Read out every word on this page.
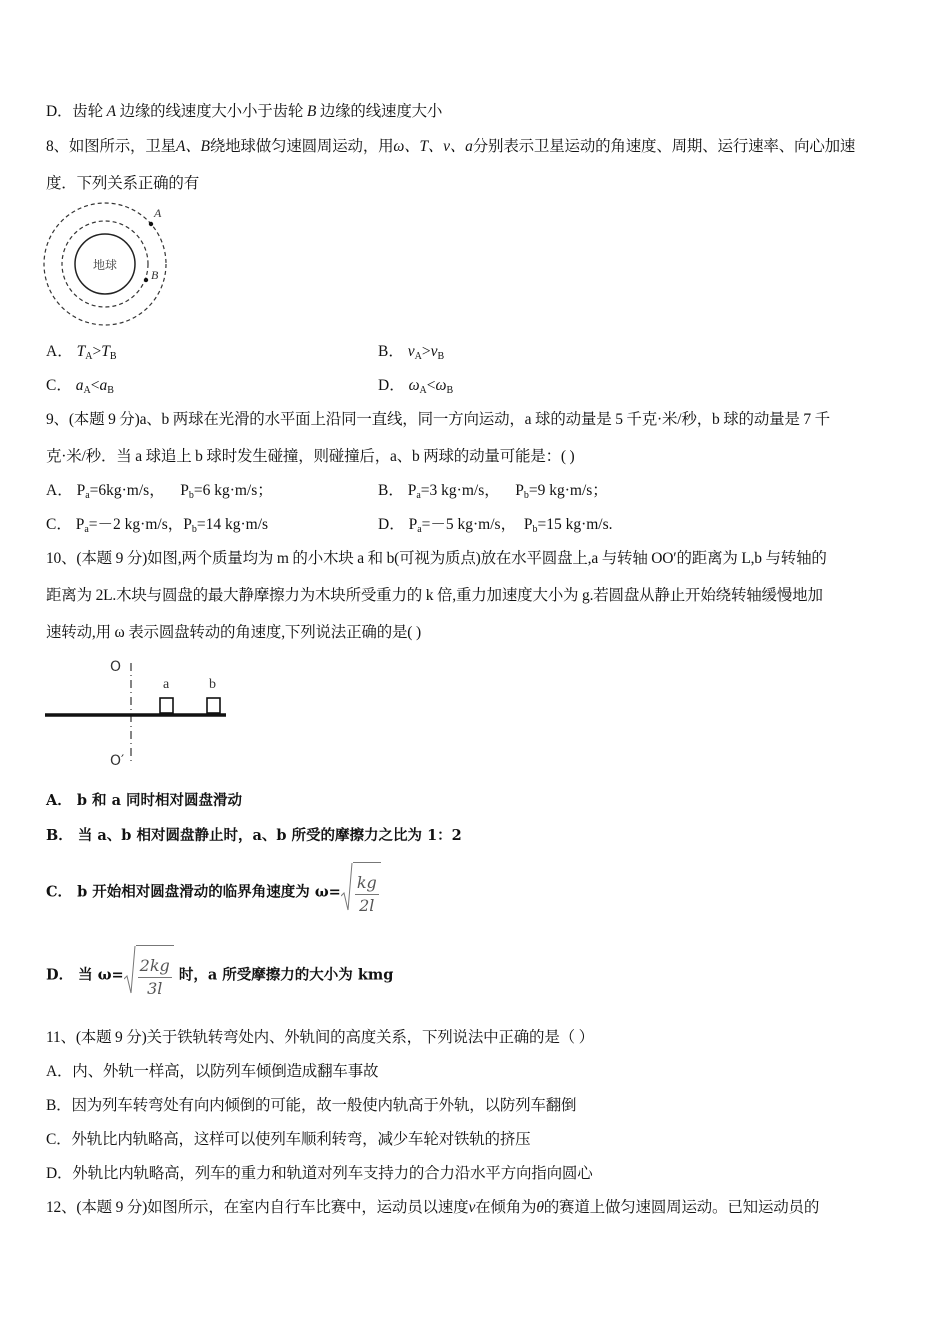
D．齿轮 A 边缘的线速度大小小于齿轮 B 边缘的线速度大小
8、如图所示，卫星A、B绕地球做匀速圆周运动，用ω、T、v、a分别表示卫星运动的角速度、周期、运行速率、向心加速
度．下列关系正确的有
地球
A
B
A． $T_A>T_B$	B． $v_A>v_B$
C． $a_A<a_B$	D． $\omega_A<\omega_B$
9、(本题 9 分)a、b 两球在光滑的水平面上沿同一直线，同一方向运动，a 球的动量是 5 千克·米/秒，b 球的动量是 7 千
克·米/秒．当 a 球追上 b 球时发生碰撞，则碰撞后，a、b 两球的动量可能是：( )
A． $P_a=6kg\cdot m/s$， $P_b=6$ kg·m/s；	B． $P_a=3$ kg·m/s， $P_b=9$ kg·m/s；
C． $P_a=-2$ kg·m/s，$P_b=14$ kg·m/s	D． $P_a=-5$ kg·m/s， $P_b=15$ kg·m/s.
10、(本题 9 分)如图,两个质量均为 m 的小木块 a 和 b(可视为质点)放在水平圆盘上,a 与转轴 OO′的距离为 L,b 与转轴的
距离为 2L.木块与圆盘的最大静摩擦力为木块所受重力的 k 倍,重力加速度大小为 g.若圆盘从静止开始绕转轴缓慢地加
速转动,用 ω 表示圆盘转动的角速度,下列说法正确的是( )
O
O′
a	b
A． b 和 a 同时相对圆盘滑动
B． 当 a、b 相对圆盘静止时，a、b 所受的摩擦力之比为 1：2
C． b 开始相对圆盘滑动的临界角速度为 $\omega= \frac{kg}{2l}$
D． 当 $\omega= \frac{2kg}{3l}$ 时，a 所受摩擦力的大小为 kmg
11、(本题 9 分)关于铁轨转弯处内、外轨间的高度关系，下列说法中正确的是（ ）
A．内、外轨一样高，以防列车倾倒造成翻车事故
B．因为列车转弯处有向内倾倒的可能，故一般使内轨高于外轨，以防列车翻倒
C．外轨比内轨略高，这样可以使列车顺利转弯，减少车轮对铁轨的挤压
D．外轨比内轨略高，列车的重力和轨道对列车支持力的合力沿水平方向指向圆心
12、(本题 9 分)如图所示，在室内自行车比赛中，运动员以速度v在倾角为θ的赛道上做匀速圆周运动。已知运动员的
